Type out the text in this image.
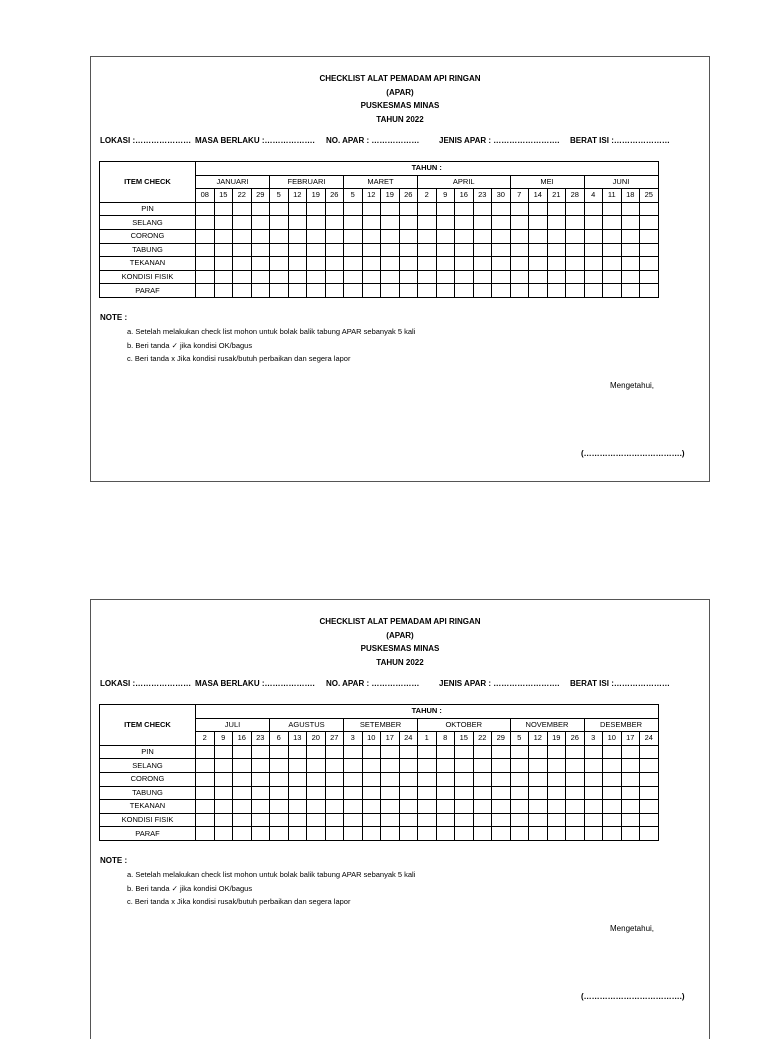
CHECKLIST ALAT PEMADAM API RINGAN
(APAR)
PUSKESMAS MINAS
TAHUN 2022

LOKASI :…………………

MASA BERLAKU :……………….

NO. APAR : ………………

JENIS APAR : …………………….

BERAT ISI :…………………

ITEM CHECK	TAHUN :																								
	JANUARI				FEBRUARI				MARET				APRIL					MEI				JUNI			
	08	15	22	29	5	12	19	26	5	12	19	26	2	9	16	23	30	7	14	21	28	4	11	18	25
PIN																									
SELANG																									
CORONG																									
TABUNG																									
TEKANAN																									
KONDISI FISIK																									
PARAF																									
NOTE :
a. Setelah melakukan check list mohon untuk bolak balik tabung APAR sebanyak 5 kali
b. Beri tanda ✓ jika kondisi OK/bagus
c. Beri tanda x Jika kondisi rusak/butuh perbaikan dan segera lapor
Mengetahui,
(……………………………….)
CHECKLIST ALAT PEMADAM API RINGAN
(APAR)
PUSKESMAS MINAS
TAHUN 2022

LOKASI :…………………

MASA BERLAKU :……………….

NO. APAR : ………………

JENIS APAR : …………………….

BERAT ISI :…………………

ITEM CHECK	TAHUN :																								
	JULI				AGUSTUS				SETEMBER				OKTOBER					NOVEMBER				DESEMBER			
	2	9	16	23	6	13	20	27	3	10	17	24	1	8	15	22	29	5	12	19	26	3	10	17	24
PIN																									
SELANG																									
CORONG																									
TABUNG																									
TEKANAN																									
KONDISI FISIK																									
PARAF																									
NOTE :
a. Setelah melakukan check list mohon untuk bolak balik tabung APAR sebanyak 5 kali
b. Beri tanda ✓ jika kondisi OK/bagus
c. Beri tanda x Jika kondisi rusak/butuh perbaikan dan segera lapor
Mengetahui,
(……………………………….)
